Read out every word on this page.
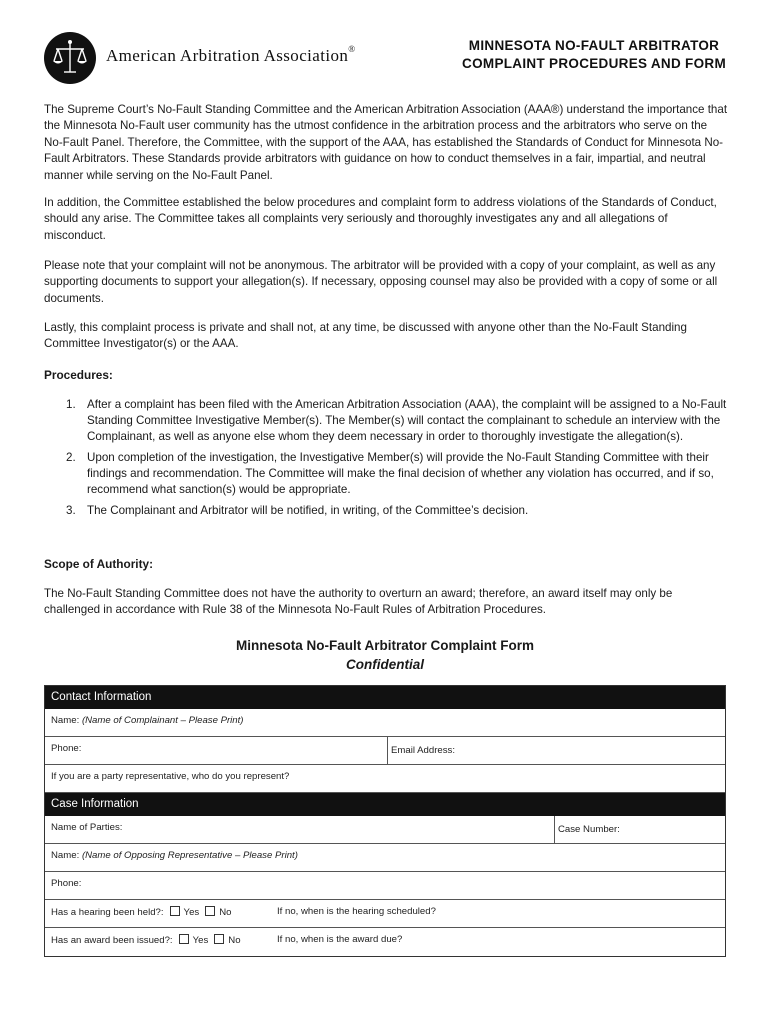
American Arbitration Association®	MINNESOTA NO-FAULT ARBITRATOR
COMPLAINT PROCEDURES AND FORM

The Supreme Court’s No-Fault Standing Committee and the American Arbitration Association (AAA®) understand the importance that the Minnesota No-Fault user community has the utmost confidence in the arbitration process and the arbitrators who serve on the No-Fault Panel. Therefore, the Committee, with the support of the AAA, has established the Standards of Conduct for Minnesota No-Fault Arbitrators. These Standards provide arbitrators with guidance on how to conduct themselves in a fair, impartial, and neutral manner while serving on the No-Fault Panel.

In addition, the Committee established the below procedures and complaint form to address violations of the Standards of Conduct, should any arise. The Committee takes all complaints very seriously and thoroughly investigates any and all allegations of misconduct.

Please note that your complaint will not be anonymous. The arbitrator will be provided with a copy of your complaint, as well as any supporting documents to support your allegation(s). If necessary, opposing counsel may also be provided with a copy of some or all documents.

Lastly, this complaint process is private and shall not, at any time, be discussed with anyone other than the No-Fault Standing Committee Investigator(s) or the AAA.

Procedures:
1. After a complaint has been filed with the American Arbitration Association (AAA), the complaint will be assigned to a No-Fault Standing Committee Investigative Member(s). The Member(s) will contact the complainant to schedule an interview with the Complainant, as well as anyone else whom they deem necessary in order to thoroughly investigate the allegation(s).
2. Upon completion of the investigation, the Investigative Member(s) will provide the No-Fault Standing Committee with their findings and recommendation. The Committee will make the final decision of whether any violation has occurred, and if so, recommend what sanction(s) would be appropriate.
3. The Complainant and Arbitrator will be notified, in writing, of the Committee’s decision.
Scope of Authority:

The No-Fault Standing Committee does not have the authority to overturn an award; therefore, an award itself may only be challenged in accordance with Rule 38 of the Minnesota No-Fault Rules of Arbitration Procedures.

Minnesota No-Fault Arbitrator Complaint Form
Confidential
Contact Information
Name: (Name of Complainant – Please Print)
Phone:	Email Address:
If you are a party representative, who do you represent?
Case Information
Name of Parties:	Case Number:
Name: (Name of Opposing Representative – Please Print)
Phone:
Has a hearing been held?: Yes No	If no, when is the hearing scheduled?
Has an award been issued?: Yes No	If no, when is the award due?
